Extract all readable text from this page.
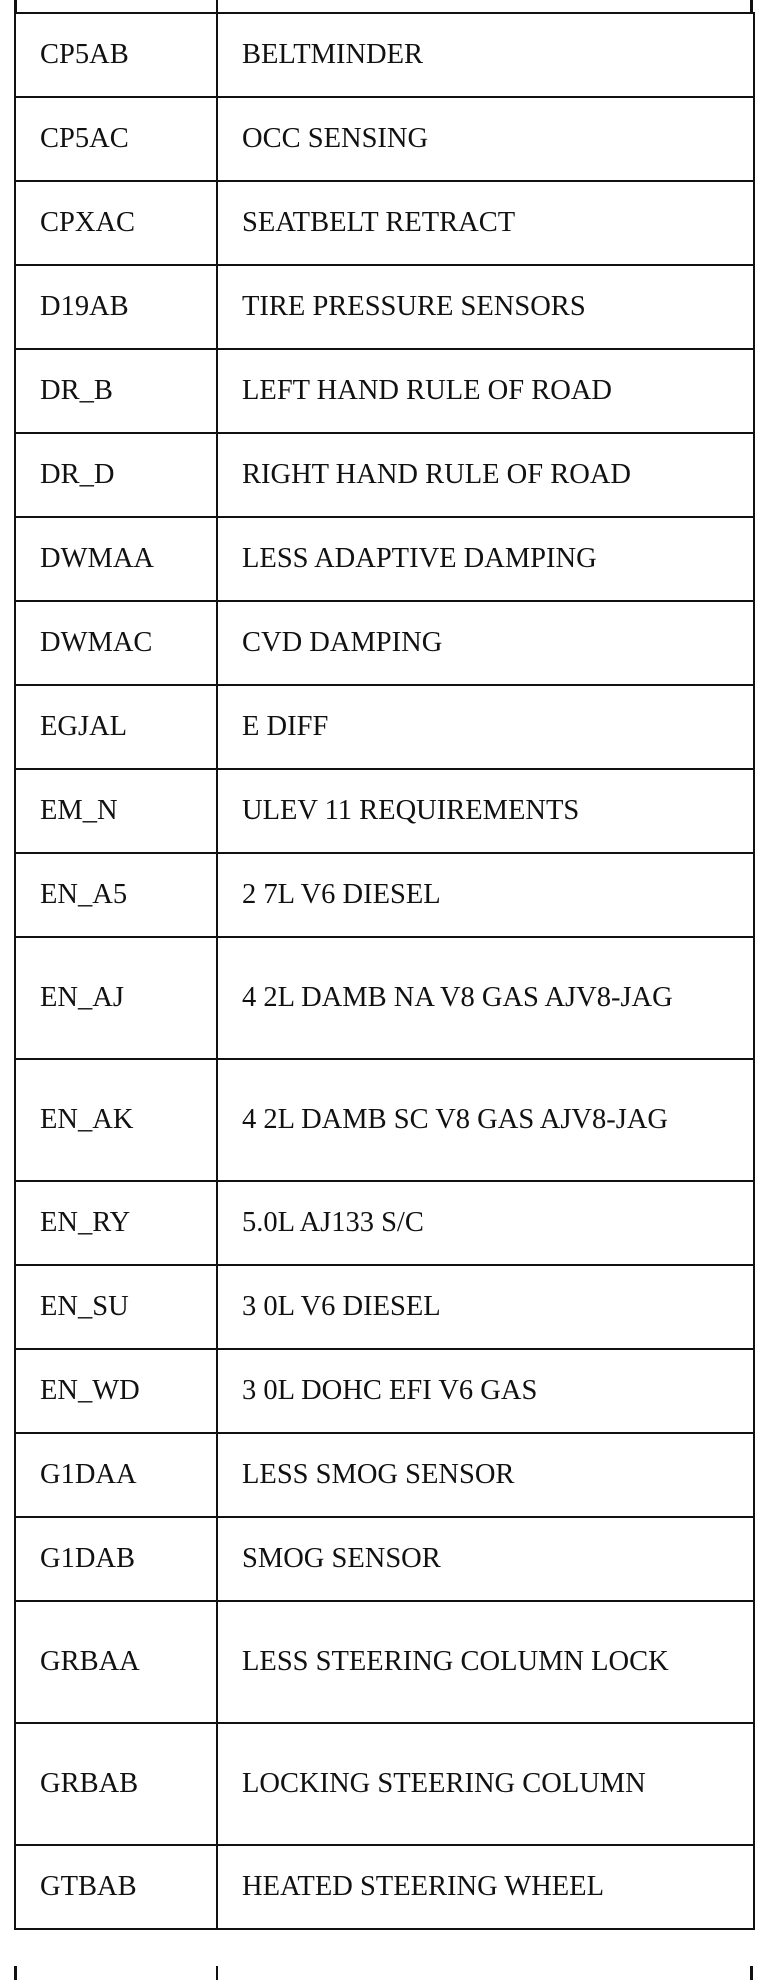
CP5AB	BELTMINDER
CP5AC	OCC SENSING
CPXAC	SEATBELT RETRACT
D19AB	TIRE PRESSURE SENSORS
DR_B	LEFT HAND RULE OF ROAD
DR_D	RIGHT HAND RULE OF ROAD
DWMAA	LESS ADAPTIVE DAMPING
DWMAC	CVD DAMPING
EGJAL	E DIFF
EM_N	ULEV 11 REQUIREMENTS
EN_A5	2 7L V6 DIESEL
EN_AJ	4 2L DAMB NA V8 GAS AJV8-JAG
EN_AK	4 2L DAMB SC V8 GAS AJV8-JAG
EN_RY	5.0L AJ133 S/C
EN_SU	3 0L V6 DIESEL
EN_WD	3 0L DOHC EFI V6 GAS
G1DAA	LESS SMOG SENSOR
G1DAB	SMOG SENSOR
GRBAA	LESS STEERING COLUMN LOCK
GRBAB	LOCKING STEERING COLUMN
GTBAB	HEATED STEERING WHEEL
